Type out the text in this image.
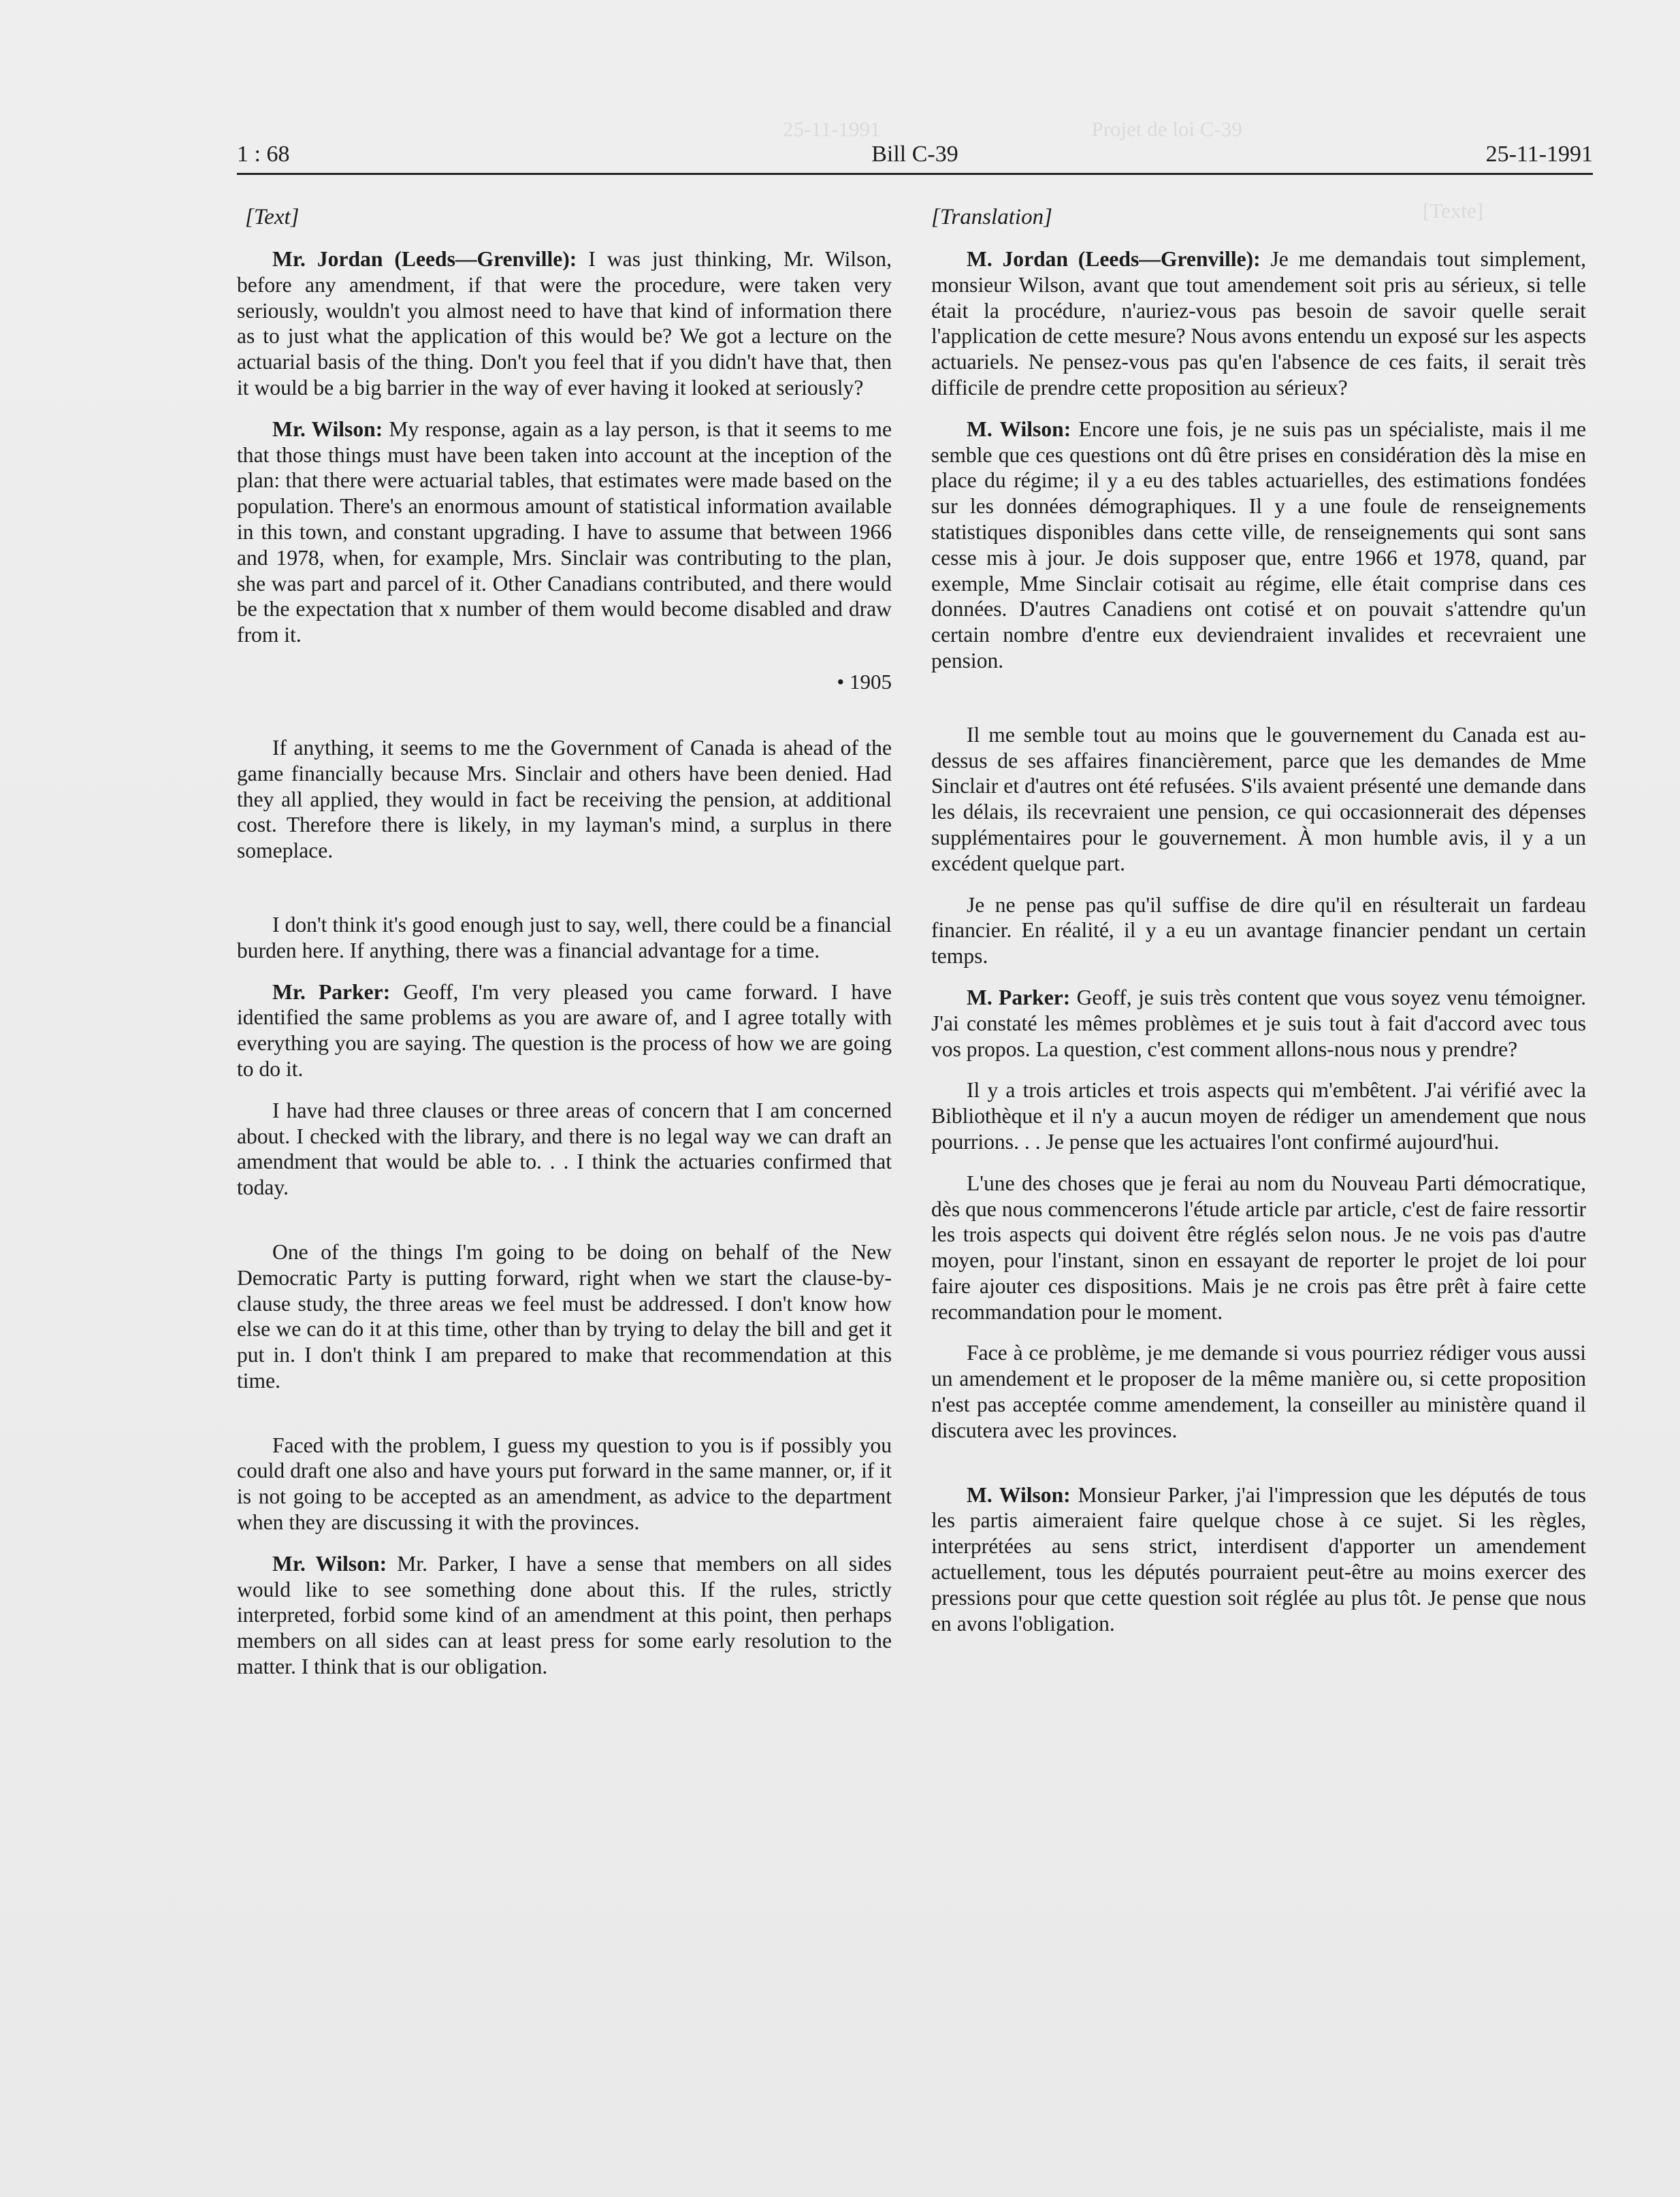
25-11-1991                                        Projet de loi C-39
[Texte]
1 : 68	Bill C-39	25-11-1991
[Text]

Mr. Jordan (Leeds—Grenville): I was just thinking, Mr. Wilson, before any amendment, if that were the procedure, were taken very seriously, wouldn't you almost need to have that kind of information there as to just what the application of this would be? We got a lecture on the actuarial basis of the thing. Don't you feel that if you didn't have that, then it would be a big barrier in the way of ever having it looked at seriously?

Mr. Wilson: My response, again as a lay person, is that it seems to me that those things must have been taken into account at the inception of the plan: that there were actuarial tables, that estimates were made based on the population. There's an enormous amount of statistical information available in this town, and constant upgrading. I have to assume that between 1966 and 1978, when, for example, Mrs. Sinclair was contributing to the plan, she was part and parcel of it. Other Canadians contributed, and there would be the expectation that x number of them would become disabled and draw from it.

• 1905

If anything, it seems to me the Government of Canada is ahead of the game financially because Mrs. Sinclair and others have been denied. Had they all applied, they would in fact be receiving the pension, at additional cost. Therefore there is likely, in my layman's mind, a surplus in there someplace.

I don't think it's good enough just to say, well, there could be a financial burden here. If anything, there was a financial advantage for a time.

Mr. Parker: Geoff, I'm very pleased you came forward. I have identified the same problems as you are aware of, and I agree totally with everything you are saying. The question is the process of how we are going to do it.

I have had three clauses or three areas of concern that I am concerned about. I checked with the library, and there is no legal way we can draft an amendment that would be able to. . . I think the actuaries confirmed that today.

One of the things I'm going to be doing on behalf of the New Democratic Party is putting forward, right when we start the clause-by-clause study, the three areas we feel must be addressed. I don't know how else we can do it at this time, other than by trying to delay the bill and get it put in. I don't think I am prepared to make that recommendation at this time.

Faced with the problem, I guess my question to you is if possibly you could draft one also and have yours put forward in the same manner, or, if it is not going to be accepted as an amendment, as advice to the department when they are discussing it with the provinces.

Mr. Wilson: Mr. Parker, I have a sense that members on all sides would like to see something done about this. If the rules, strictly interpreted, forbid some kind of an amendment at this point, then perhaps members on all sides can at least press for some early resolution to the matter. I think that is our obligation.

[Translation]

M. Jordan (Leeds—Grenville): Je me demandais tout simplement, monsieur Wilson, avant que tout amendement soit pris au sérieux, si telle était la procédure, n'auriez-vous pas besoin de savoir quelle serait l'application de cette mesure? Nous avons entendu un exposé sur les aspects actuariels. Ne pensez-vous pas qu'en l'absence de ces faits, il serait très difficile de prendre cette proposition au sérieux?

M. Wilson: Encore une fois, je ne suis pas un spécialiste, mais il me semble que ces questions ont dû être prises en considération dès la mise en place du régime; il y a eu des tables actuarielles, des estimations fondées sur les données démographiques. Il y a une foule de renseignements statistiques disponibles dans cette ville, de renseignements qui sont sans cesse mis à jour. Je dois supposer que, entre 1966 et 1978, quand, par exemple, Mme Sinclair cotisait au régime, elle était comprise dans ces données. D'autres Canadiens ont cotisé et on pouvait s'attendre qu'un certain nombre d'entre eux deviendraient invalides et recevraient une pension.

Il me semble tout au moins que le gouvernement du Canada est au-dessus de ses affaires financièrement, parce que les demandes de Mme Sinclair et d'autres ont été refusées. S'ils avaient présenté une demande dans les délais, ils recevraient une pension, ce qui occasionnerait des dépenses supplémentaires pour le gouvernement. À mon humble avis, il y a un excédent quelque part.

Je ne pense pas qu'il suffise de dire qu'il en résulterait un fardeau financier. En réalité, il y a eu un avantage financier pendant un certain temps.

M. Parker: Geoff, je suis très content que vous soyez venu témoigner. J'ai constaté les mêmes problèmes et je suis tout à fait d'accord avec tous vos propos. La question, c'est comment allons-nous nous y prendre?

Il y a trois articles et trois aspects qui m'embêtent. J'ai vérifié avec la Bibliothèque et il n'y a aucun moyen de rédiger un amendement que nous pourrions. . . Je pense que les actuaires l'ont confirmé aujourd'hui.

L'une des choses que je ferai au nom du Nouveau Parti démocratique, dès que nous commencerons l'étude article par article, c'est de faire ressortir les trois aspects qui doivent être réglés selon nous. Je ne vois pas d'autre moyen, pour l'instant, sinon en essayant de reporter le projet de loi pour faire ajouter ces dispositions. Mais je ne crois pas être prêt à faire cette recommandation pour le moment.

Face à ce problème, je me demande si vous pourriez rédiger vous aussi un amendement et le proposer de la même manière ou, si cette proposition n'est pas acceptée comme amendement, la conseiller au ministère quand il discutera avec les provinces.

M. Wilson: Monsieur Parker, j'ai l'impression que les députés de tous les partis aimeraient faire quelque chose à ce sujet. Si les règles, interprétées au sens strict, interdisent d'apporter un amendement actuellement, tous les députés pourraient peut-être au moins exercer des pressions pour que cette question soit réglée au plus tôt. Je pense que nous en avons l'obligation.
